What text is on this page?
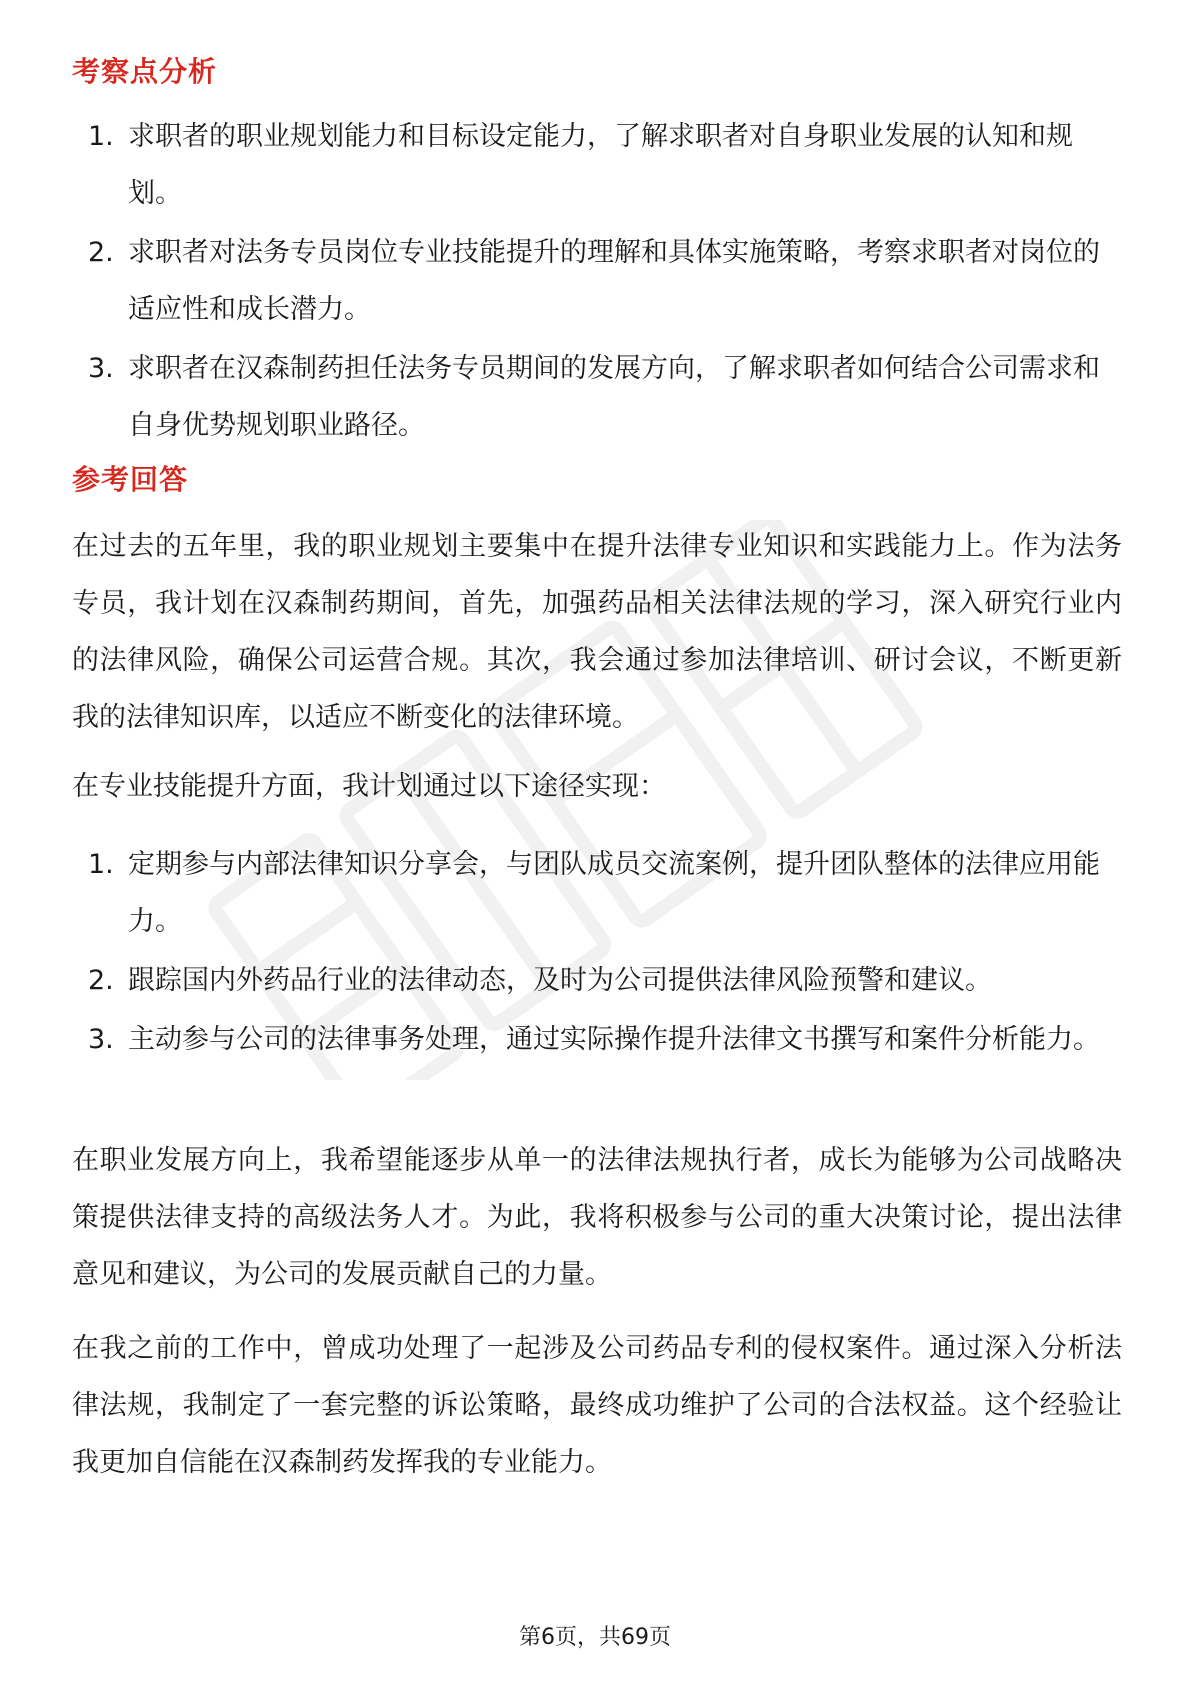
考察点分析
1. 求职者的职业规划能力和目标设定能力，了解求职者对自身职业发展的认知和规划。
2. 求职者对法务专员岗位专业技能提升的理解和具体实施策略，考察求职者对岗位的适应性和成长潜力。
3. 求职者在汉森制药担任法务专员期间的发展方向，了解求职者如何结合公司需求和自身优势规划职业路径。
参考回答

在过去的五年里，我的职业规划主要集中在提升法律专业知识和实践能力上。作为法务专员，我计划在汉森制药期间，首先，加强药品相关法律法规的学习，深入研究行业内的法律风险，确保公司运营合规。其次，我会通过参加法律培训、研讨会议，不断更新我的法律知识库，以适应不断变化的法律环境。

在专业技能提升方面，我计划通过以下途径实现：

1. 定期参与内部法律知识分享会，与团队成员交流案例，提升团队整体的法律应用能力。
2. 跟踪国内外药品行业的法律动态，及时为公司提供法律风险预警和建议。
3. 主动参与公司的法律事务处理，通过实际操作提升法律文书撰写和案件分析能力。

在职业发展方向上，我希望能逐步从单一的法律法规执行者，成长为能够为公司战略决策提供法律支持的高级法务人才。为此，我将积极参与公司的重大决策讨论，提出法律意见和建议，为公司的发展贡献自己的力量。

在我之前的工作中，曾成功处理了一起涉及公司药品专利的侵权案件。通过深入分析法律法规，我制定了一套完整的诉讼策略，最终成功维护了公司的合法权益。这个经验让我更加自信能在汉森制药发挥我的专业能力。

第6页，共69页
